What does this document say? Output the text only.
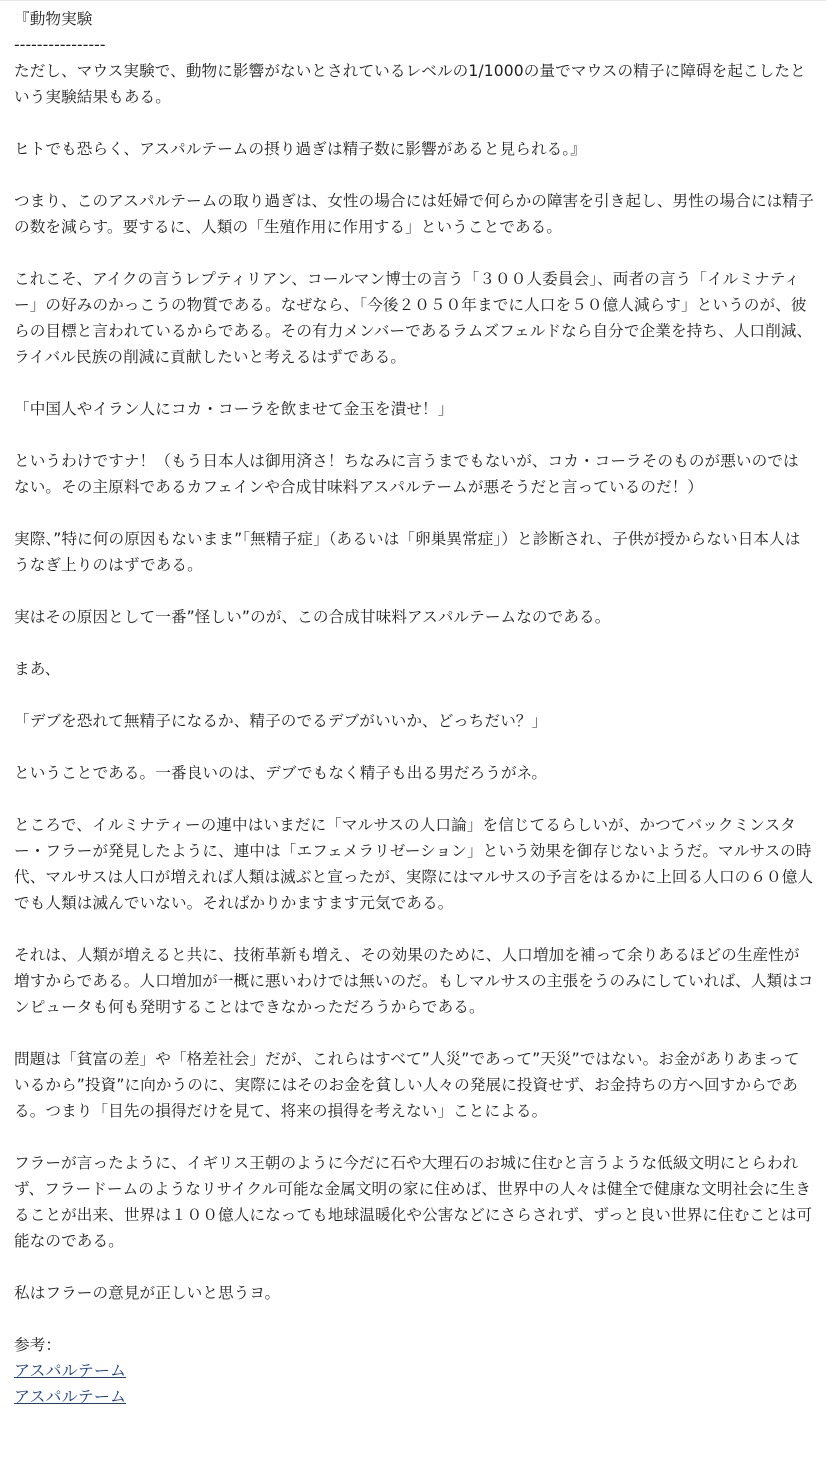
『動物実験

----------------

ただし、マウス実験で、動物に影響がないとされているレベルの1/1000の量でマウスの精子に障碍を起こしたという実験結果もある。

ヒトでも恐らく、アスパルテームの摂り過ぎは精子数に影響があると見られる。』

つまり、このアスパルテームの取り過ぎは、女性の場合には妊婦で何らかの障害を引き起し、男性の場合には精子の数を減らす。要するに、人類の「生殖作用に作用する」ということである。

これこそ、アイクの言うレプティリアン、コールマン博士の言う「３００人委員会」、両者の言う「イルミナティー」の好みのかっこうの物質である。なぜなら、「今後２０５０年までに人口を５０億人減らす」というのが、彼らの目標と言われているからである。その有力メンバーであるラムズフェルドなら自分で企業を持ち、人口削減、ライバル民族の削減に貢献したいと考えるはずである。

「中国人やイラン人にコカ・コーラを飲ませて金玉を潰せ！」

というわけですナ！（もう日本人は御用済さ！ちなみに言うまでもないが、コカ・コーラそのものが悪いのではない。その主原料であるカフェインや合成甘味料アスパルテームが悪そうだと言っているのだ！）

実際、”特に何の原因もないまま”「無精子症」（あるいは「卵巣異常症」）と診断され、子供が授からない日本人はうなぎ上りのはずである。

実はその原因として一番”怪しい”のが、この合成甘味料アスパルテームなのである。

まあ、

「デブを恐れて無精子になるか、精子のでるデブがいいか、どっちだい？」

ということである。一番良いのは、デブでもなく精子も出る男だろうがネ。

ところで、イルミナティーの連中はいまだに「マルサスの人口論」を信じてるらしいが、かつてバックミンスター・フラーが発見したように、連中は「エフェメラリゼーション」という効果を御存じないようだ。マルサスの時代、マルサスは人口が増えれば人類は滅ぶと宣ったが、実際にはマルサスの予言をはるかに上回る人口の６０億人でも人類は滅んでいない。そればかりかますます元気である。

それは、人類が増えると共に、技術革新も増え、その効果のために、人口増加を補って余りあるほどの生産性が増すからである。人口増加が一概に悪いわけでは無いのだ。もしマルサスの主張をうのみにしていれば、人類はコンピュータも何も発明することはできなかっただろうからである。

問題は「貧富の差」や「格差社会」だが、これらはすべて”人災”であって”天災”ではない。お金がありあまっているから”投資”に向かうのに、実際にはそのお金を貧しい人々の発展に投資せず、お金持ちの方へ回すからである。つまり「目先の損得だけを見て、将来の損得を考えない」ことによる。

フラーが言ったように、イギリス王朝のように今だに石や大理石のお城に住むと言うような低級文明にとらわれず、フラードームのようなリサイクル可能な金属文明の家に住めば、世界中の人々は健全で健康な文明社会に生きることが出来、世界は１００億人になっても地球温暖化や公害などにさらされず、ずっと良い世界に住むことは可能なのである。

私はフラーの意見が正しいと思うヨ。

参考：

アスパルテーム
アスパルテーム
